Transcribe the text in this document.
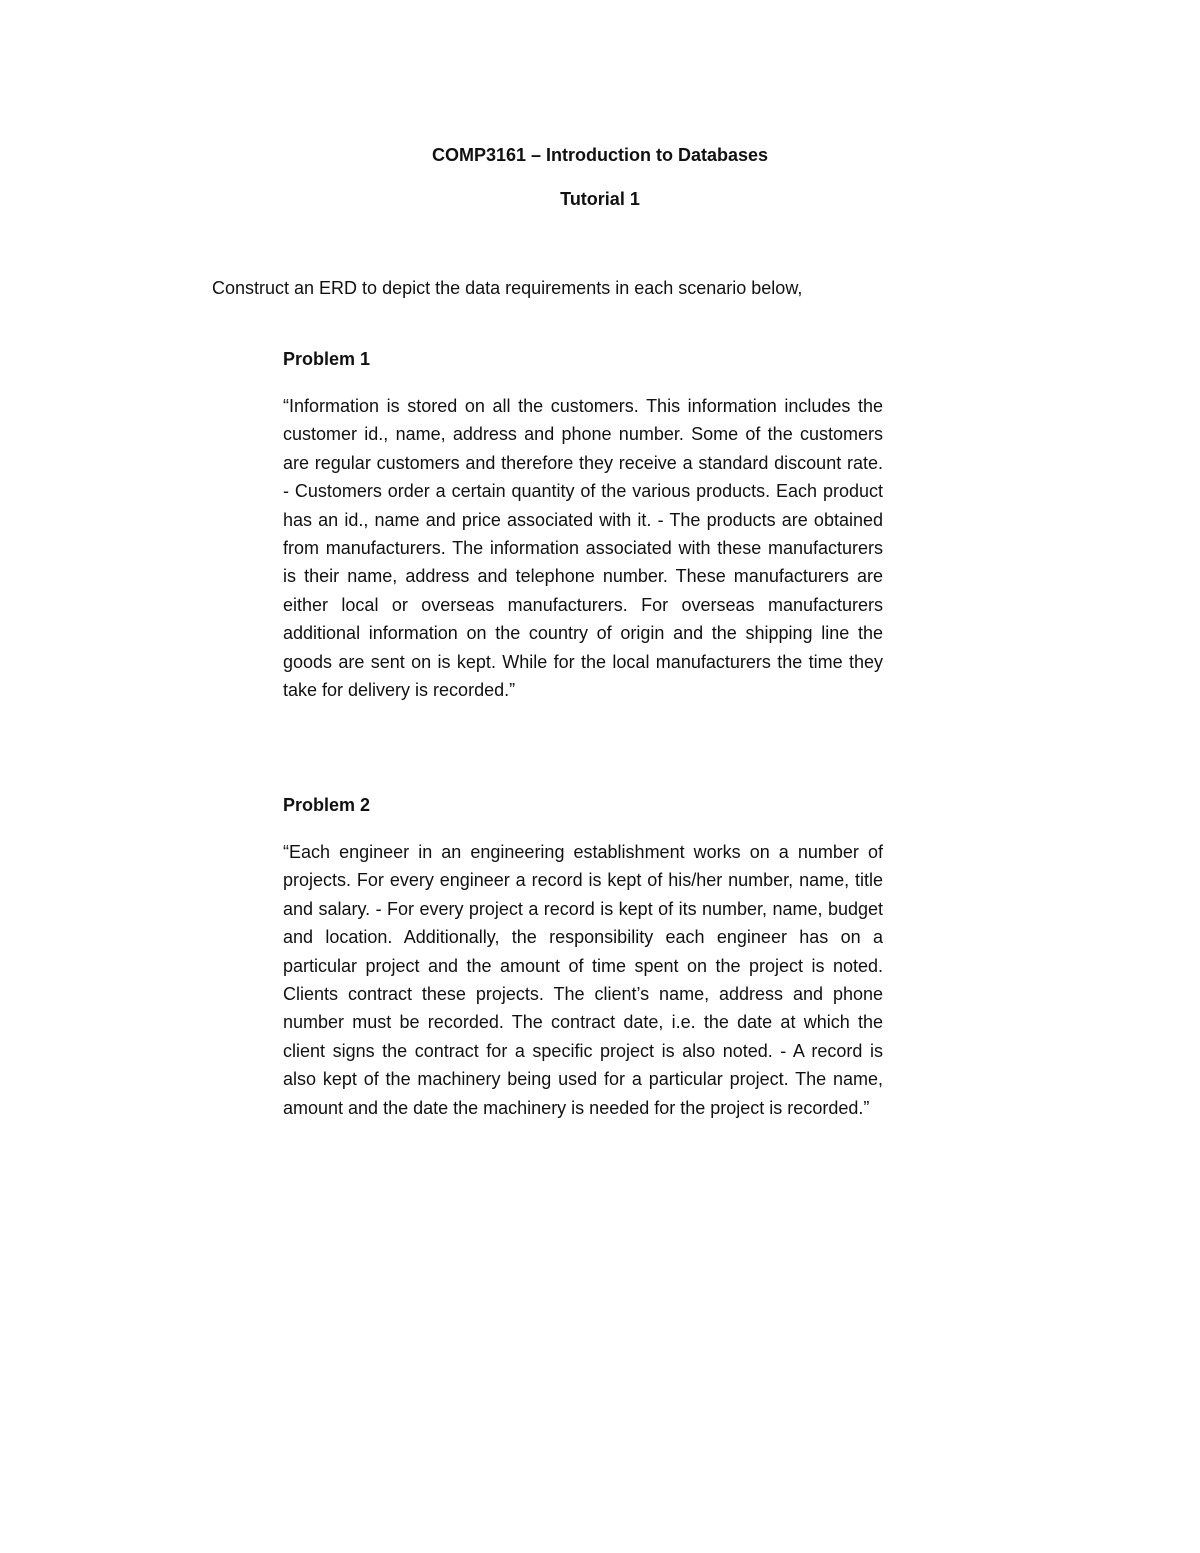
COMP3161 – Introduction to Databases
Tutorial 1
Construct an ERD to depict the data requirements in each scenario below,
Problem 1

“Information is stored on all the customers. This information includes the customer id., name, address and phone number. Some of the customers are regular customers and therefore they receive a standard discount rate. - Customers order a certain quantity of the various products. Each product has an id., name and price associated with it. - The products are obtained from manufacturers. The information associated with these manufacturers is their name, address and telephone number. These manufacturers are either local or overseas manufacturers. For overseas manufacturers additional information on the country of origin and the shipping line the goods are sent on is kept. While for the local manufacturers the time they take for delivery is recorded.”

Problem 2

“Each engineer in an engineering establishment works on a number of projects. For every engineer a record is kept of his/her number, name, title and salary. - For every project a record is kept of its number, name, budget and location. Additionally, the responsibility each engineer has on a particular project and the amount of time spent on the project is noted. Clients contract these projects. The client’s name, address and phone number must be recorded. The contract date, i.e. the date at which the client signs the contract for a specific project is also noted. - A record is also kept of the machinery being used for a particular project. The name, amount and the date the machinery is needed for the project is recorded.”
